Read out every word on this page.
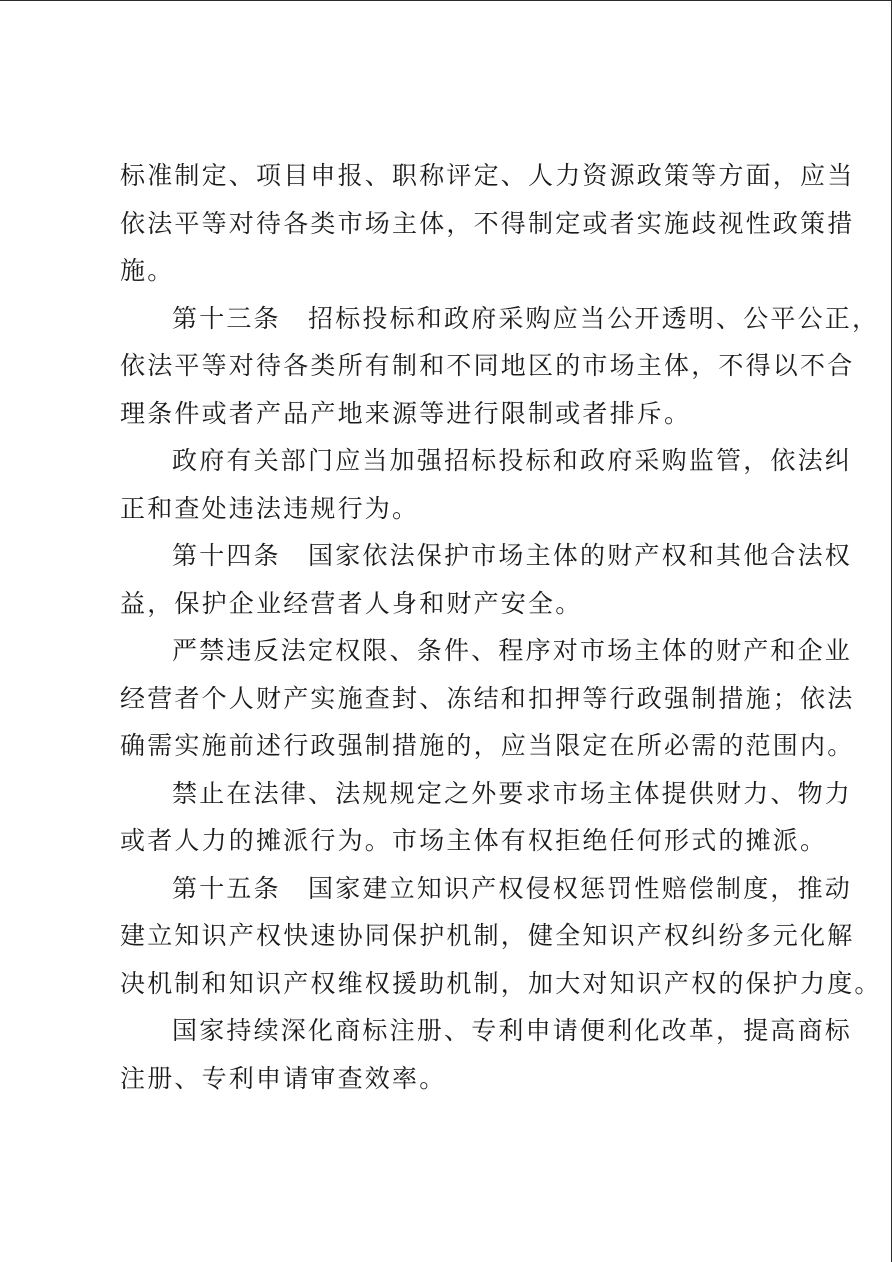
标准制定、项目申报、职称评定、人力资源政策等方面，应当
依法平等对待各类市场主体，不得制定或者实施歧视性政策措
施。
第十三条　招标投标和政府采购应当公开透明、公平公正，
依法平等对待各类所有制和不同地区的市场主体，不得以不合
理条件或者产品产地来源等进行限制或者排斥。
政府有关部门应当加强招标投标和政府采购监管，依法纠
正和查处违法违规行为。
第十四条　国家依法保护市场主体的财产权和其他合法权
益，保护企业经营者人身和财产安全。
严禁违反法定权限、条件、程序对市场主体的财产和企业
经营者个人财产实施查封、冻结和扣押等行政强制措施；依法
确需实施前述行政强制措施的，应当限定在所必需的范围内。
禁止在法律、法规规定之外要求市场主体提供财力、物力
或者人力的摊派行为。市场主体有权拒绝任何形式的摊派。
第十五条　国家建立知识产权侵权惩罚性赔偿制度，推动
建立知识产权快速协同保护机制，健全知识产权纠纷多元化解
决机制和知识产权维权援助机制，加大对知识产权的保护力度。
国家持续深化商标注册、专利申请便利化改革，提高商标
注册、专利申请审查效率。
